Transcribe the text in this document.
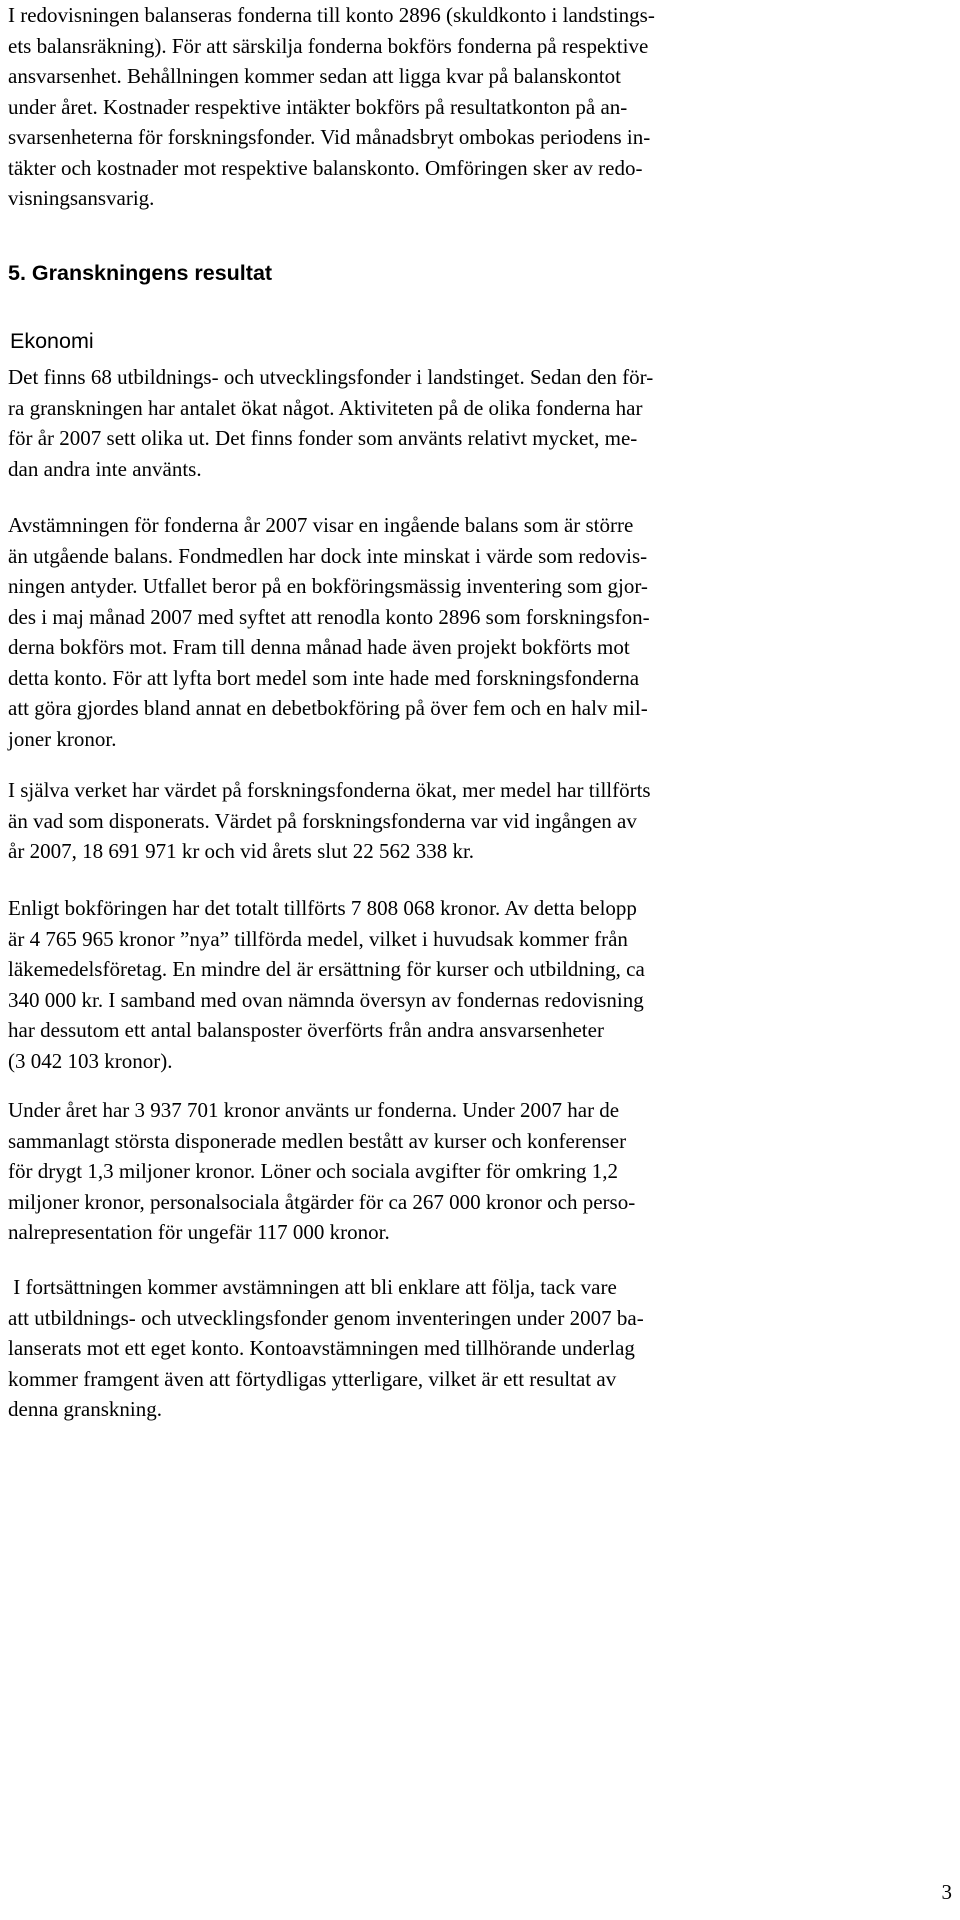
I redovisningen balanseras fonderna till konto 2896 (skuldkonto i landstings-
ets balansräkning). För att särskilja fonderna bokförs fonderna på respektive
ansvarsenhet. Behållningen kommer sedan att ligga kvar på balanskontot
under året. Kostnader respektive intäkter bokförs på resultatkonton på an-
svarsenheterna för forskningsfonder. Vid månadsbryt ombokas periodens in-
täkter och kostnader mot respektive balanskonto. Omföringen sker av redo-
visningsansvarig.
5. Granskningens resultat
Ekonomi
Det finns 68 utbildnings- och utvecklingsfonder i landstinget. Sedan den för-
ra granskningen har antalet ökat något. Aktiviteten på de olika fonderna har
för år 2007 sett olika ut. Det finns fonder som använts relativt mycket, me-
dan andra inte använts.
Avstämningen för fonderna år 2007 visar en ingående balans som är större
än utgående balans. Fondmedlen har dock inte minskat i värde som redovis-
ningen antyder. Utfallet beror på en bokföringsmässig inventering som gjor-
des i maj månad 2007 med syftet att renodla konto 2896 som forskningsfon-
derna bokförs mot. Fram till denna månad hade även projekt bokförts mot
detta konto. För att lyfta bort medel som inte hade med forskningsfonderna
att göra gjordes bland annat en debetbokföring på över fem och en halv mil-
joner kronor.
I själva verket har värdet på forskningsfonderna ökat, mer medel har tillförts
än vad som disponerats. Värdet på forskningsfonderna var vid ingången av
år 2007, 18 691 971 kr och vid årets slut 22 562 338 kr.
Enligt bokföringen har det totalt tillförts 7 808 068 kronor. Av detta belopp
är 4 765 965 kronor ”nya” tillförda medel, vilket i huvudsak kommer från
läkemedelsföretag. En mindre del är ersättning för kurser och utbildning, ca
340 000 kr. I samband med ovan nämnda översyn av fondernas redovisning
har dessutom ett antal balansposter överförts från andra ansvarsenheter
(3 042 103 kronor).
Under året har 3 937 701 kronor använts ur fonderna. Under 2007 har de
sammanlagt största disponerade medlen bestått av kurser och konferenser
för drygt 1,3 miljoner kronor. Löner och sociala avgifter för omkring 1,2
miljoner kronor, personalsociala åtgärder för ca 267 000 kronor och perso-
nalrepresentation för ungefär 117 000 kronor.
I fortsättningen kommer avstämningen att bli enklare att följa, tack vare
att utbildnings- och utvecklingsfonder genom inventeringen under 2007 ba-
lanserats mot ett eget konto. Kontoavstämningen med tillhörande underlag
kommer framgent även att förtydligas ytterligare, vilket är ett resultat av
denna granskning.
3
